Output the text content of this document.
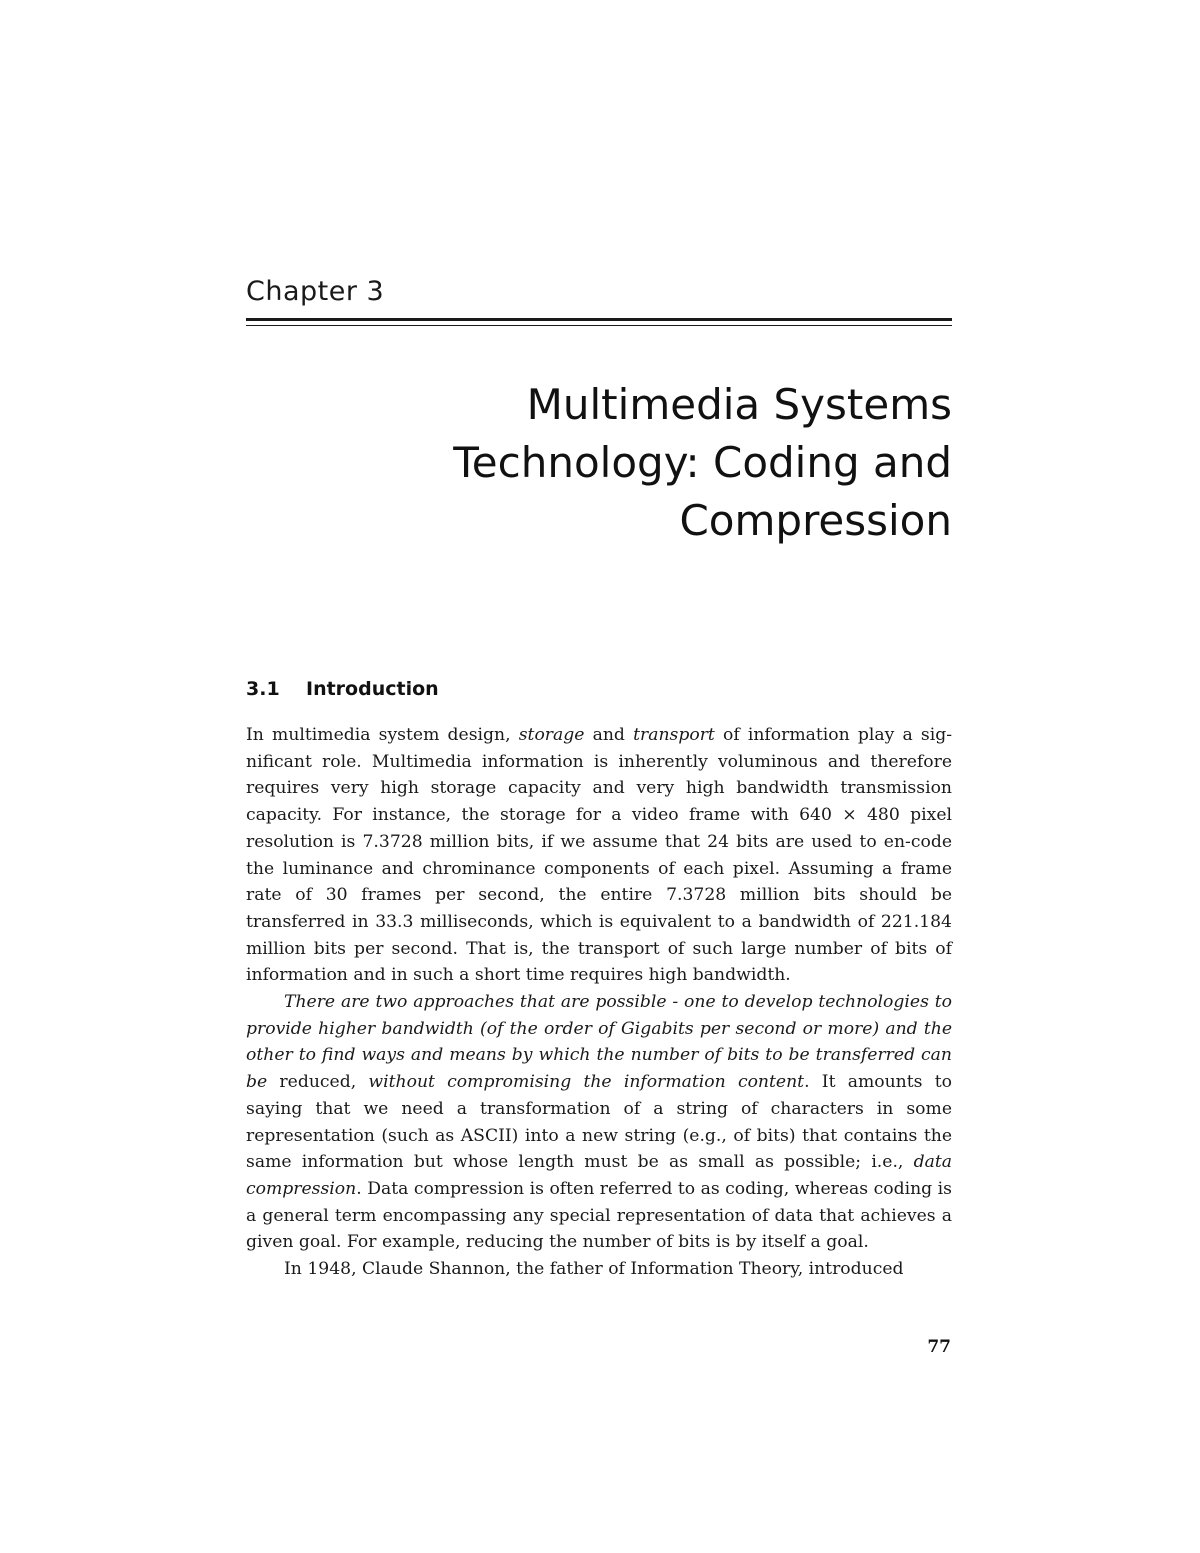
Chapter 3
Multimedia Systems
Technology: Coding and
Compression
3.1 Introduction

In multimedia system design, storage and transport of information play a sig-nificant role. Multimedia information is inherently voluminous and therefore requires very high storage capacity and very high bandwidth transmission capacity. For instance, the storage for a video frame with 640 × 480 pixel resolution is 7.3728 million bits, if we assume that 24 bits are used to en-code the luminance and chrominance components of each pixel. Assuming a frame rate of 30 frames per second, the entire 7.3728 million bits should be transferred in 33.3 milliseconds, which is equivalent to a bandwidth of 221.184 million bits per second. That is, the transport of such large number of bits of information and in such a short time requires high bandwidth.

There are two approaches that are possible - one to develop technologies to provide higher bandwidth (of the order of Gigabits per second or more) and the other to find ways and means by which the number of bits to be transferred can be reduced, without compromising the information content. It amounts to saying that we need a transformation of a string of characters in some representation (such as ASCII) into a new string (e.g., of bits) that contains the same information but whose length must be as small as possible; i.e., data compression. Data compression is often referred to as coding, whereas coding is a general term encompassing any special representation of data that achieves a given goal. For example, reducing the number of bits is by itself a goal.

In 1948, Claude Shannon, the father of Information Theory, introduced

77
